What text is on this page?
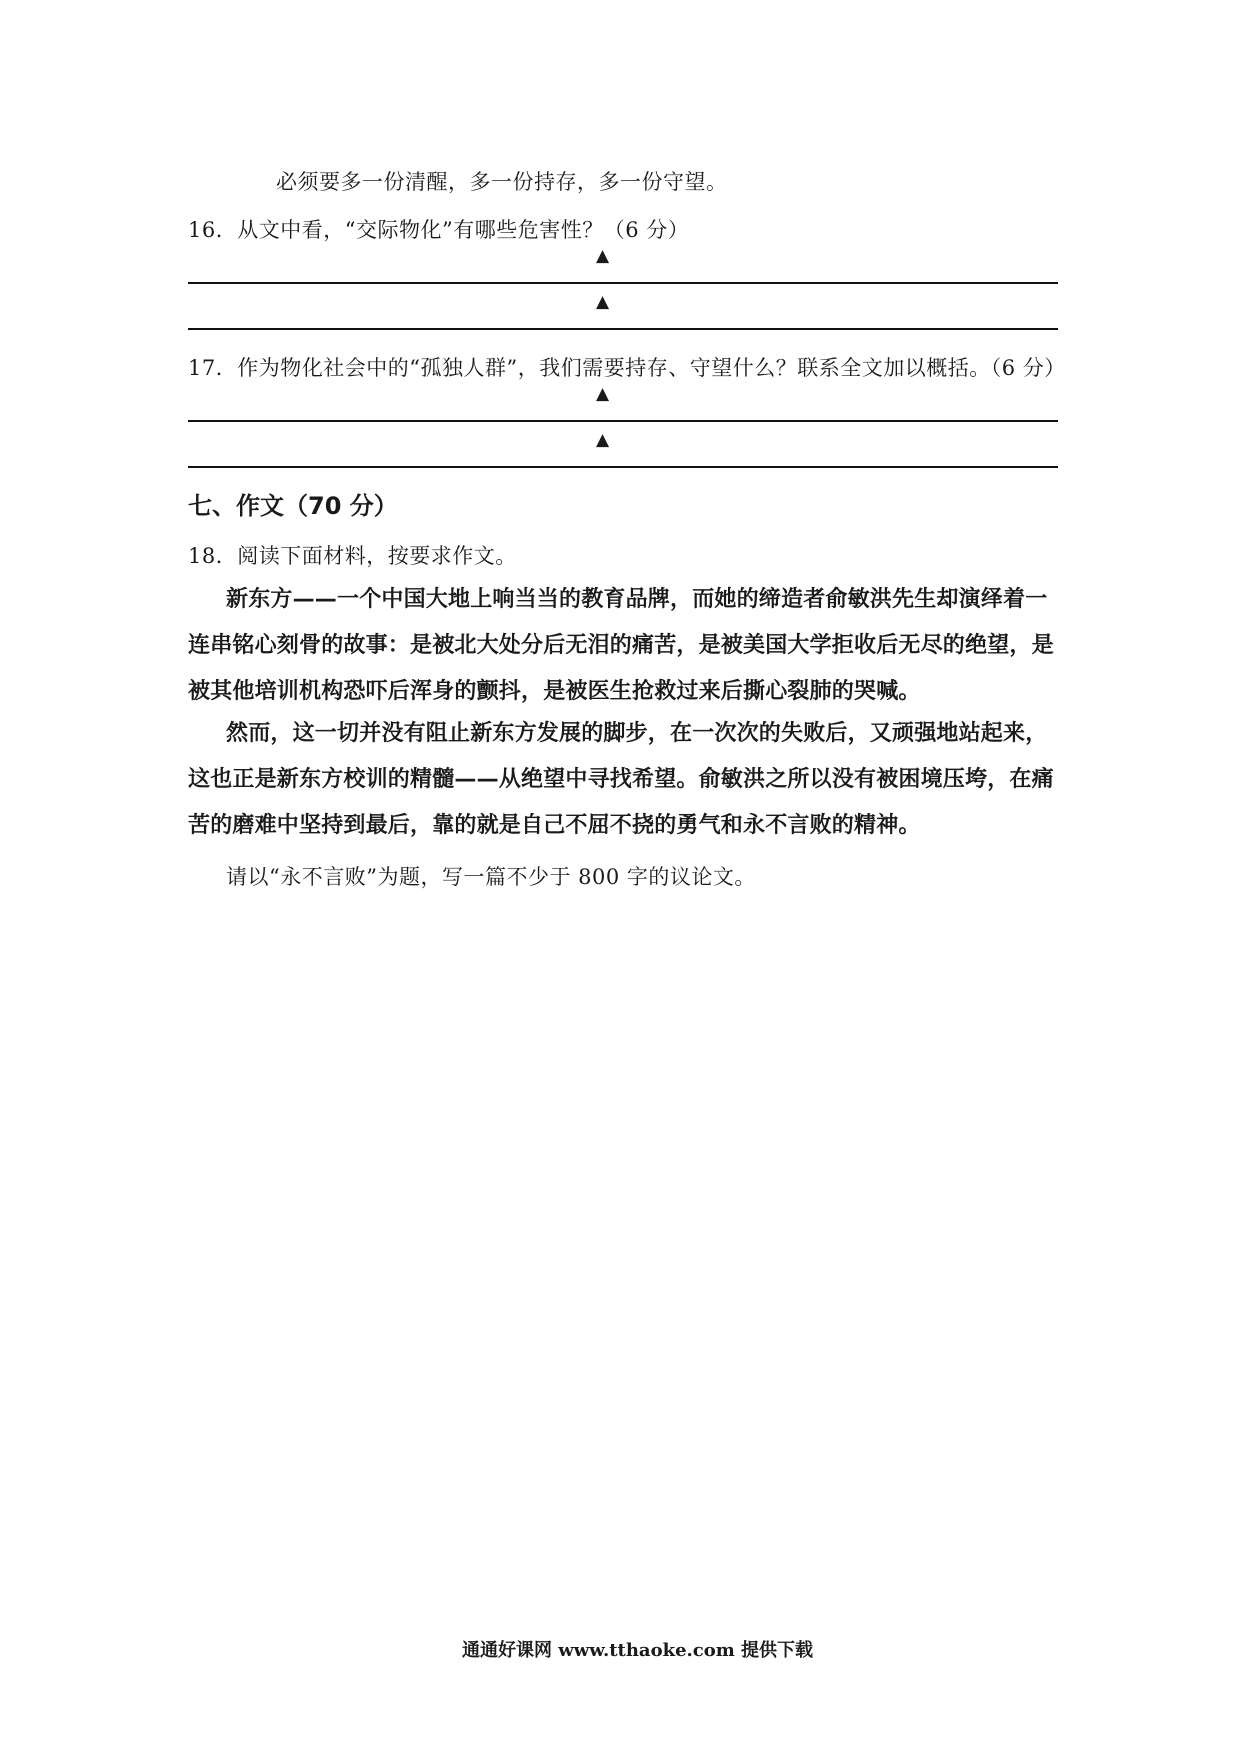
必须要多一份清醒，多一份持存，多一份守望。
16．从文中看，“交际物化”有哪些危害性？（6 分）
▲
▲
17．作为物化社会中的“孤独人群”，我们需要持存、守望什么？联系全文加以概括。（6 分）
▲
▲
七、作文（70 分）
18．阅读下面材料，按要求作文。
新东方——一个中国大地上响当当的教育品牌，而她的缔造者俞敏洪先生却演绎着一连串铭心刻骨的故事：是被北大处分后无泪的痛苦，是被美国大学拒收后无尽的绝望，是被其他培训机构恐吓后浑身的颤抖，是被医生抢救过来后撕心裂肺的哭喊。
然而，这一切并没有阻止新东方发展的脚步，在一次次的失败后，又顽强地站起来，这也正是新东方校训的精髓——从绝望中寻找希望。俞敏洪之所以没有被困境压垮，在痛苦的磨难中坚持到最后，靠的就是自己不屈不挠的勇气和永不言败的精神。
请以“永不言败”为题，写一篇不少于 800 字的议论文。
通通好课网 www.tthaoke.com 提供下载
